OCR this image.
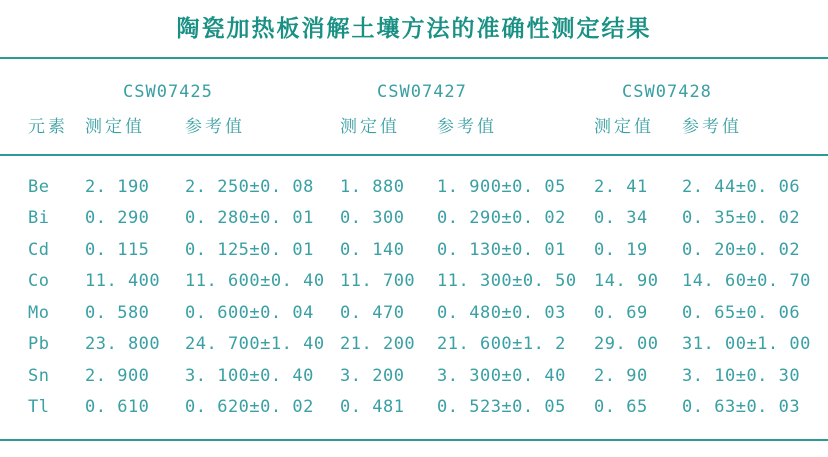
陶瓷加热板消解土壤方法的准确性测定结果
	CSW07425		CSW07427		CSW07428	
元素	测定值	参考值	测定值	参考值	测定值	参考值

Be	2. 190	2. 250±0. 08	1. 880	1. 900±0. 05	2. 41	2. 44±0. 06
Bi	0. 290	0. 280±0. 01	0. 300	0. 290±0. 02	0. 34	0. 35±0. 02
Cd	0. 115	0. 125±0. 01	0. 140	0. 130±0. 01	0. 19	0. 20±0. 02
Co	11. 400	11. 600±0. 40	11. 700	11. 300±0. 50	14. 90	14. 60±0. 70
Mo	0. 580	0. 600±0. 04	0. 470	0. 480±0. 03	0. 69	0. 65±0. 06
Pb	23. 800	24. 700±1. 40	21. 200	21. 600±1. 2	29. 00	31. 00±1. 00
Sn	2. 900	3. 100±0. 40	3. 200	3. 300±0. 40	2. 90	3. 10±0. 30
Tl	0. 610	0. 620±0. 02	0. 481	0. 523±0. 05	0. 65	0. 63±0. 03
